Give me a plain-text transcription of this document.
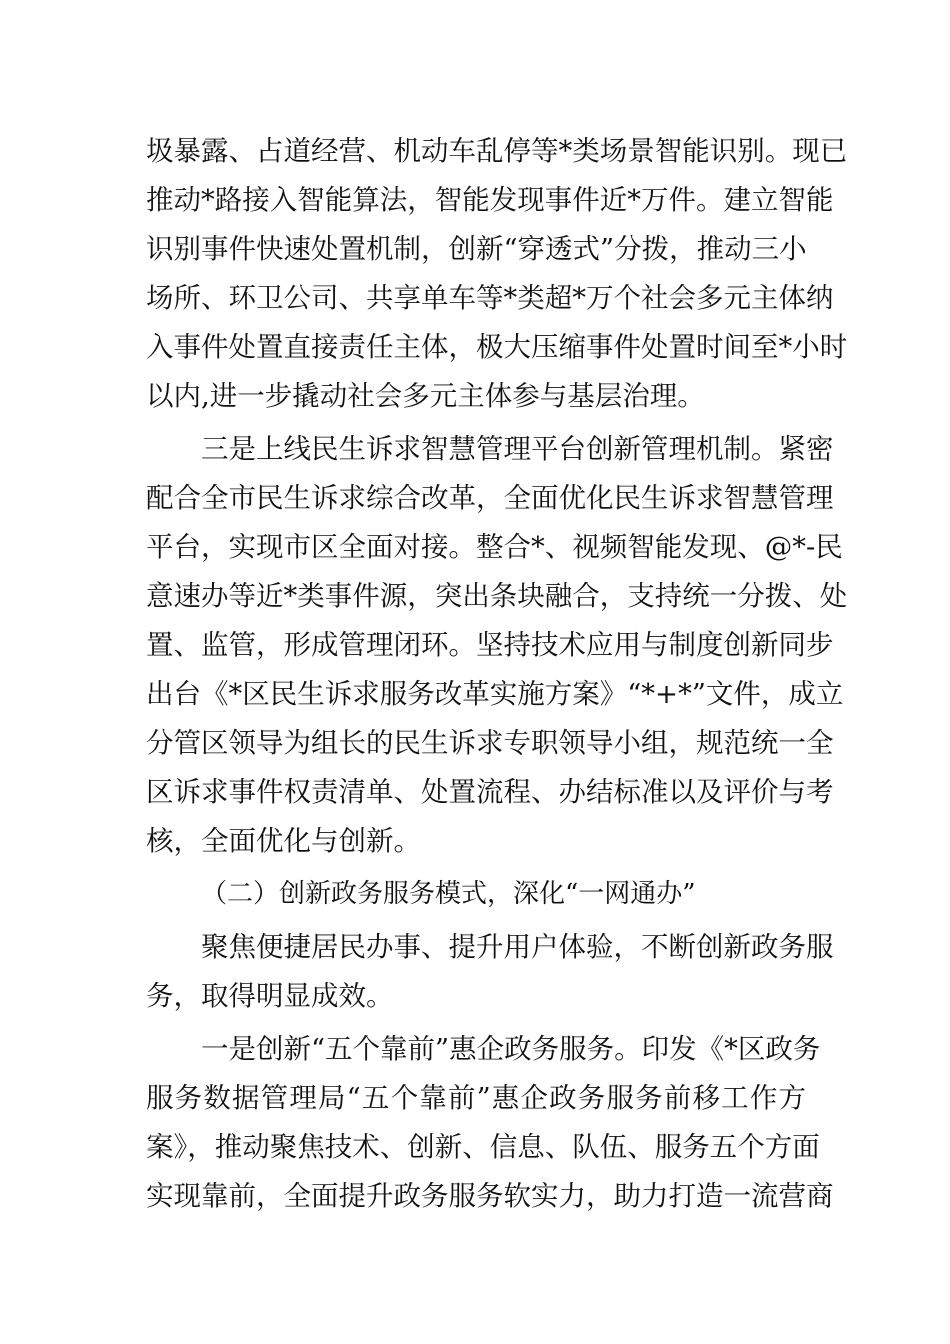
圾暴露、占道经营、机动车乱停等*类场景智能识别。现已
推动*路接入智能算法，智能发现事件近*万件。建立智能
识别事件快速处置机制，创新“穿透式”分拨，推动三小
场所、环卫公司、共享单车等*类超*万个社会多元主体纳
入事件处置直接责任主体，极大压缩事件处置时间至*小时
以内,进一步撬动社会多元主体参与基层治理。
三是上线民生诉求智慧管理平台创新管理机制。紧密
配合全市民生诉求综合改革，全面优化民生诉求智慧管理
平台，实现市区全面对接。整合*、视频智能发现、@*-民
意速办等近*类事件源，突出条块融合，支持统一分拨、处
置、监管，形成管理闭环。坚持技术应用与制度创新同步
出台《*区民生诉求服务改革实施方案》“*+*”文件，成立
分管区领导为组长的民生诉求专职领导小组，规范统一全
区诉求事件权责清单、处置流程、办结标准以及评价与考
核，全面优化与创新。
（二）创新政务服务模式，深化“一网通办”
聚焦便捷居民办事、提升用户体验，不断创新政务服
务，取得明显成效。
一是创新“五个靠前”惠企政务服务。印发《*区政务
服务数据管理局“五个靠前”惠企政务服务前移工作方
案》，推动聚焦技术、创新、信息、队伍、服务五个方面
实现靠前，全面提升政务服务软实力，助力打造一流营商
